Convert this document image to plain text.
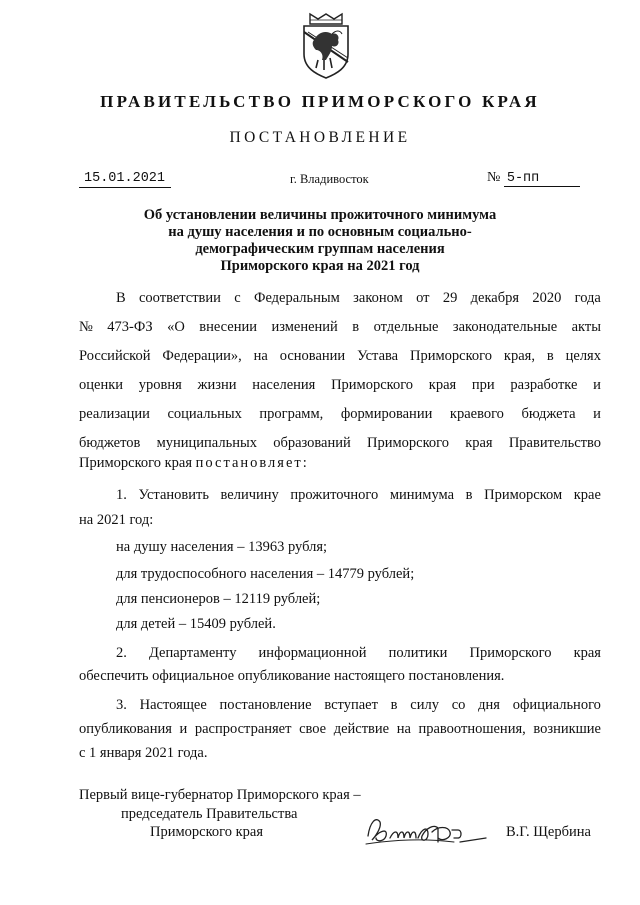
ПРАВИТЕЛЬСТВО ПРИМОРСКОГО КРАЯ
ПОСТАНОВЛЕНИЕ
15.01.2021	г. Владивосток	№ 5-пп
Об установлении величины прожиточного минимума
на душу населения и по основным социально-
демографическим группам населения
Приморского края на 2021 год
В соответствии с Федеральным законом от 29 декабря 2020 года
№ 473-ФЗ «О внесении изменений в отдельные законодательные акты
Российской Федерации», на основании Устава Приморского края, в целях
оценки уровня жизни населения Приморского края при разработке и
реализации социальных программ, формировании краевого бюджета и
бюджетов муниципальных образований Приморского края Правительство
Приморского края постановляет:
1. Установить величину прожиточного минимума в Приморском крае
на 2021 год:
на душу населения – 13963 рубля;
для трудоспособного населения – 14779 рублей;
для пенсионеров – 12119 рублей;
для детей – 15409 рублей.
2. Департаменту информационной политики Приморского края
обеспечить официальное опубликование настоящего постановления.
3. Настоящее постановление вступает в силу со дня официального
опубликования и распространяет свое действие на правоотношения, возникшие
с 1 января 2021 года.
Первый вице-губернатор Приморского края –
председатель Правительства
Приморского края	В.Г. Щербина
